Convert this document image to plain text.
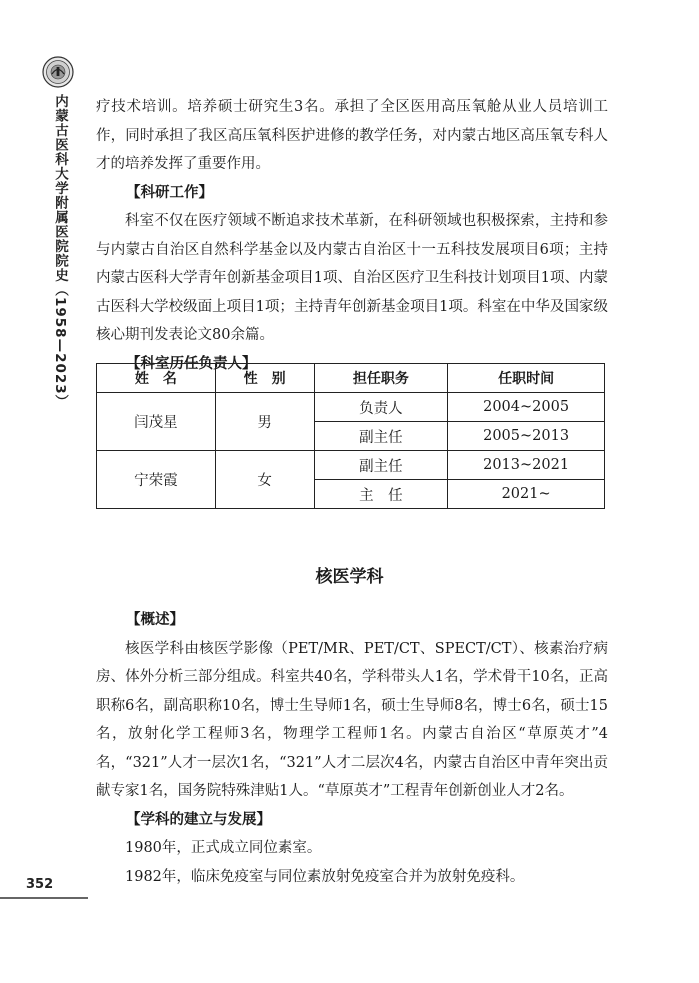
内蒙古医科大学附属医院院史（1958—2023）
352

疗技术培训。培养硕士研究生3名。承担了全区医用高压氧舱从业人员培训工作，同时承担了我区高压氧科医护进修的教学任务，对内蒙古地区高压氧专科人才的培养发挥了重要作用。

【科研工作】

科室不仅在医疗领域不断追求技术革新，在科研领域也积极探索，主持和参与内蒙古自治区自然科学基金以及内蒙古自治区十一五科技发展项目6项；主持内蒙古医科大学青年创新基金项目1项、自治区医疗卫生科技计划项目1项、内蒙古医科大学校级面上项目1项；主持青年创新基金项目1项。科室在中华及国家级核心期刊发表论文80余篇。

【科室历任负责人】

姓　名	性　别	担任职务	任职时间
闫茂星	男	负责人	2004~2005
		副主任	2005~2013
宁荣霞	女	副主任	2013~2021
		主　任	2021~
核医学科

【概述】

核医学科由核医学影像（PET/MR、PET/CT、SPECT/CT）、核素治疗病房、体外分析三部分组成。科室共40名，学科带头人1名，学术骨干10名，正高职称6名，副高职称10名，博士生导师1名，硕士生导师8名，博士6名，硕士15名，放射化学工程师3名，物理学工程师1名。内蒙古自治区“草原英才”4名，“321”人才一层次1名，“321”人才二层次4名，内蒙古自治区中青年突出贡献专家1名，国务院特殊津贴1人。“草原英才”工程青年创新创业人才2名。

【学科的建立与发展】

1980年，正式成立同位素室。

1982年，临床免疫室与同位素放射免疫室合并为放射免疫科。
